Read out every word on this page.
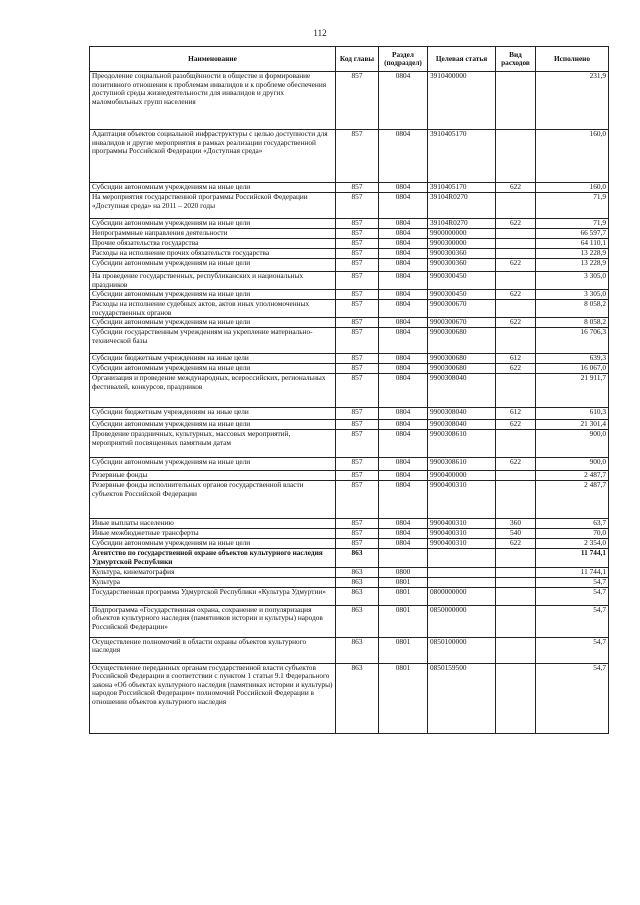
112
Наименование	Код главы	Раздел (подраздел)	Целевая статья	Вид расходов	Исполнено
Преодоление социальной разобщённости в обществе и формирование позитивного отношения к проблемам инвалидов и к проблеме обеспечения доступной среды жизнедеятельности для инвалидов и других маломобильных групп населения	857	0804	3910400000		231,9
Адаптация объектов социальной инфраструктуры с целью доступности для инвалидов и другие мероприятия в рамках реализации государственной программы Российской Федерации «Доступная среда»	857	0804	3910405170		160,0
Субсидии автономным учреждениям на иные цели	857	0804	3910405170	622	160,0
На мероприятия государственной программы Российской Федерации «Доступная среда» на 2011 – 2020 годы	857	0804	39104R0270		71,9
Субсидии автономным учреждениям на иные цели	857	0804	39104R0270	622	71,9
Непрограммные направления деятельности	857	0804	9900000000		66 597,7
Прочие обязательства государства	857	0804	9900300000		64 110,1
Расходы на исполнение прочих обязательств государства	857	0804	9900300360		13 228,9
Субсидии автономным учреждениям на иные цели	857	0804	9900300360	622	13 228,9
На проведение государственных, республиканских и национальных праздников	857	0804	9900300450		3 305,0
Субсидии автономным учреждениям на иные цели	857	0804	9900300450	622	3 305,0
Расходы на исполнение судебных актов, актов иных уполномоченных государственных органов	857	0804	9900300670		8 058,2
Субсидии автономным учреждениям на иные цели	857	0804	9900300670	622	8 058,2
Субсидии государственным учреждениям на укрепление материально-технической базы	857	0804	9900300680		16 706,3
Субсидии бюджетным учреждениям на иные цели	857	0804	9900300680	612	639,3
Субсидии автономным учреждениям на иные цели	857	0804	9900300680	622	16 067,0
Организация и проведение международных, всероссийских, региональных фестивалей, конкурсов, праздников	857	0804	9900308040		21 911,7
Субсидии бюджетным учреждениям на иные цели	857	0804	9900308040	612	610,3
Субсидии автономным учреждениям на иные цели	857	0804	9900308040	622	21 301,4
Проведение праздничных, культурных, массовых мероприятий, мероприятий посвященных памятным датам	857	0804	9900308610		900,0
Субсидии автономным учреждениям на иные цели	857	0804	9900308610	622	900,0
Резервные фонды	857	0804	9900400000		2 487,7
Резервные фонды исполнительных органов государственной власти субъектов Российской Федерации	857	0804	9900400310		2 487,7
Иные выплаты населению	857	0804	9900400310	360	63,7
Иные межбюджетные трансферты	857	0804	9900400310	540	70,0
Субсидии автономным учреждениям на иные цели	857	0804	9900400310	622	2 354,0
Агентство по государственной охране объектов культурного наследия Удмуртской Республики	863				11 744,1
Культура, кинематография	863	0800			11 744,1
Культура	863	0801			54,7
Государственная программа Удмуртской Республики «Культура Удмуртии»	863	0801	0800000000		54,7
Подпрограмма «Государственная охрана, сохранение и популяризация объектов культурного наследия (памятников истории и культуры) народов Российской Федерации»	863	0801	0850000000		54,7
Осуществление полномочий в области охраны объектов культурного наследия	863	0801	0850100000		54,7
Осуществление переданных органам государственной власти субъектов Российской Федерации в соответствии с пунктом 1 статьи 9.1 Федерального закона «Об объектах культурного наследия (памятниках истории и культуры) народов Российской Федерации» полномочий Российской Федерации в отношении объектов культурного наследия	863	0801	0850159500		54,7
